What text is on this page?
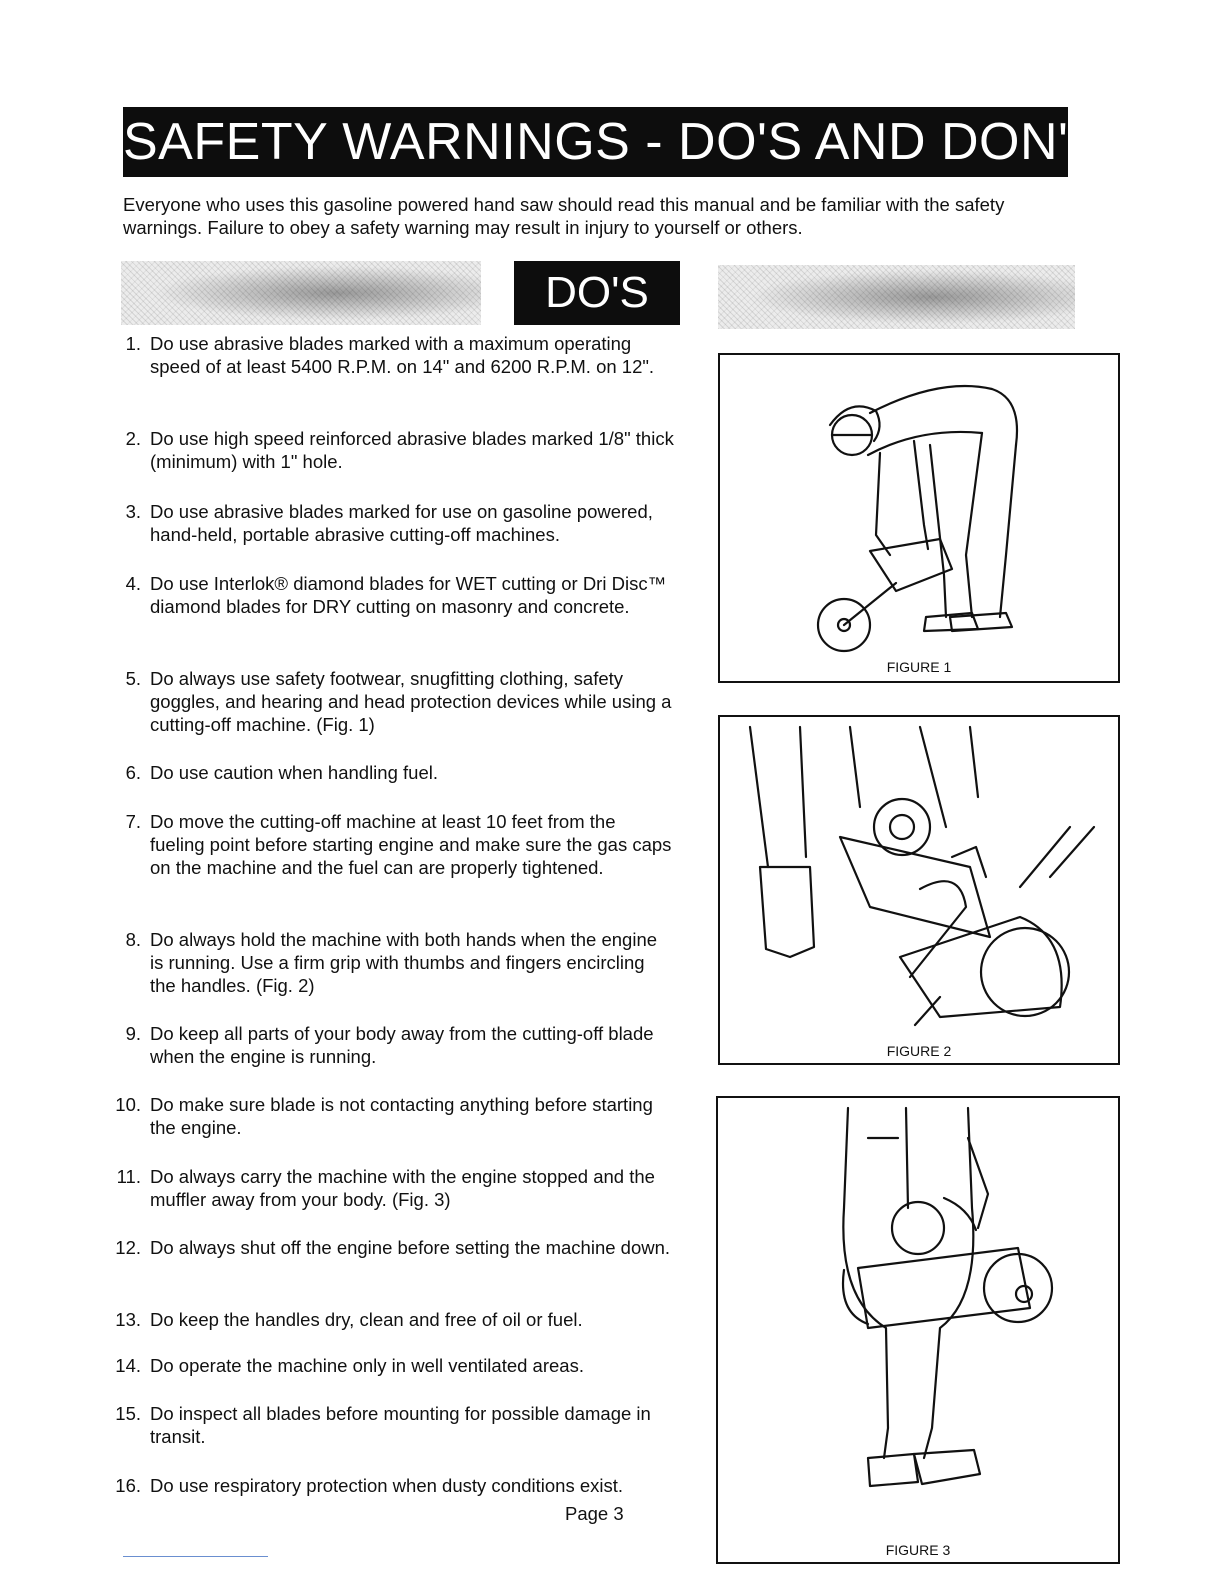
SAFETY WARNINGS - DO'S AND DON'TS
Everyone who uses this gasoline powered hand saw should read this manual and be familiar with the safety warnings. Failure to obey a safety warning may result in injury to yourself or others.
DO'S
1. Do use abrasive blades marked with a maximum operating speed of at least 5400 R.P.M. on 14" and 6200 R.P.M. on 12".
2. Do use high speed reinforced abrasive blades marked 1/8" thick (minimum) with 1" hole.
3. Do use abrasive blades marked for use on gasoline powered, hand-held, portable abrasive cutting-off machines.
4. Do use Interlok® diamond blades for WET cutting or Dri Disc™ diamond blades for DRY cutting on masonry and concrete.
5. Do always use safety footwear, snugfitting clothing, safety goggles, and hearing and head protection devices while using a cutting-off machine. (Fig. 1)
6. Do use caution when handling fuel.
7. Do move the cutting-off machine at least 10 feet from the fueling point before starting engine and make sure the gas caps on the machine and the fuel can are properly tightened.
8. Do always hold the machine with both hands when the engine is running. Use a firm grip with thumbs and fingers encircling the handles. (Fig. 2)
9. Do keep all parts of your body away from the cutting-off blade when the engine is running.
10. Do make sure blade is not contacting anything before starting the engine.
11. Do always carry the machine with the engine stopped and the muffler away from your body. (Fig. 3)
12. Do always shut off the engine before setting the machine down.
13. Do keep the handles dry, clean and free of oil or fuel.
14. Do operate the machine only in well ventilated areas.
15. Do inspect all blades before mounting for possible damage in transit.
16. Do use respiratory protection when dusty conditions exist.
FIGURE 1
FIGURE 2
FIGURE 3
Page 3
